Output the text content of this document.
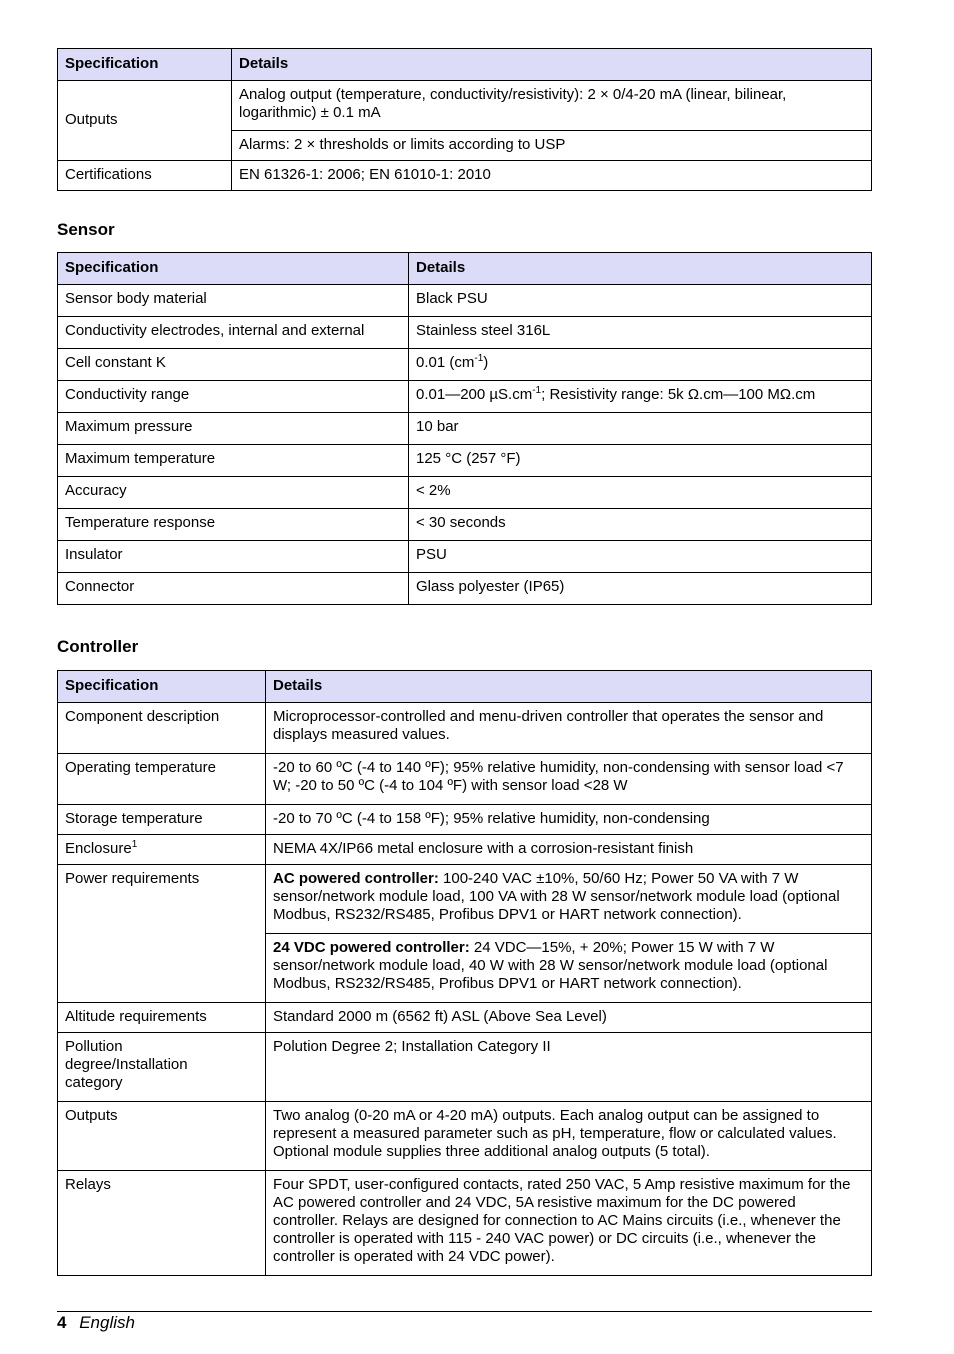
Specification	Details
Outputs	Analog output (temperature, conductivity/resistivity): 2 × 0/4-20 mA (linear, bilinear, logarithmic) ± 0.1 mA
	Alarms: 2 × thresholds or limits according to USP
Certifications	EN 61326-1: 2006; EN 61010-1: 2010
Sensor
Specification	Details
Sensor body material	Black PSU
Conductivity electrodes, internal and external	Stainless steel 316L
Cell constant K	0.01 $(cm^{-1})$
Conductivity range	0.01—200 $\mu S.cm^{-1}$; Resistivity range: 5k Ω.cm—100 MΩ.cm
Maximum pressure	10 bar
Maximum temperature	125 °C (257 °F)
Accuracy	< 2%
Temperature response	< 30 seconds
Insulator	PSU
Connector	Glass polyester (IP65)
Controller
Specification	Details
Component description	Microprocessor-controlled and menu-driven controller that operates the sensor and displays measured values.
Operating temperature	-20 to 60 ºC (-4 to 140 ºF); 95% relative humidity, non-condensing with sensor load <7 W; -20 to 50 ºC (-4 to 104 ºF) with sensor load <28 W
Storage temperature	-20 to 70 ºC (-4 to 158 ºF); 95% relative humidity, non-condensing
Enclosure$^1$	NEMA 4X/IP66 metal enclosure with a corrosion-resistant finish
Power requirements	AC powered controller: 100-240 VAC ±10%, 50/60 Hz; Power 50 VA with 7 W sensor/network module load, 100 VA with 28 W sensor/network module load (optional Modbus, RS232/RS485, Profibus DPV1 or HART network connection).
	24 VDC powered controller: 24 VDC—15%, + 20%; Power 15 W with 7 W sensor/network module load, 40 W with 28 W sensor/network module load (optional Modbus, RS232/RS485, Profibus DPV1 or HART network connection).
Altitude requirements	Standard 2000 m (6562 ft) ASL (Above Sea Level)
Pollution degree/Installation category	Polution Degree 2; Installation Category II
Outputs	Two analog (0-20 mA or 4-20 mA) outputs. Each analog output can be assigned to represent a measured parameter such as pH, temperature, flow or calculated values. Optional module supplies three additional analog outputs (5 total).
Relays	Four SPDT, user-configured contacts, rated 250 VAC, 5 Amp resistive maximum for the AC powered controller and 24 VDC, 5A resistive maximum for the DC powered controller. Relays are designed for connection to AC Mains circuits (i.e., whenever the controller is operated with 115 - 240 VAC power) or DC circuits (i.e., whenever the controller is operated with 24 VDC power).
4 English
